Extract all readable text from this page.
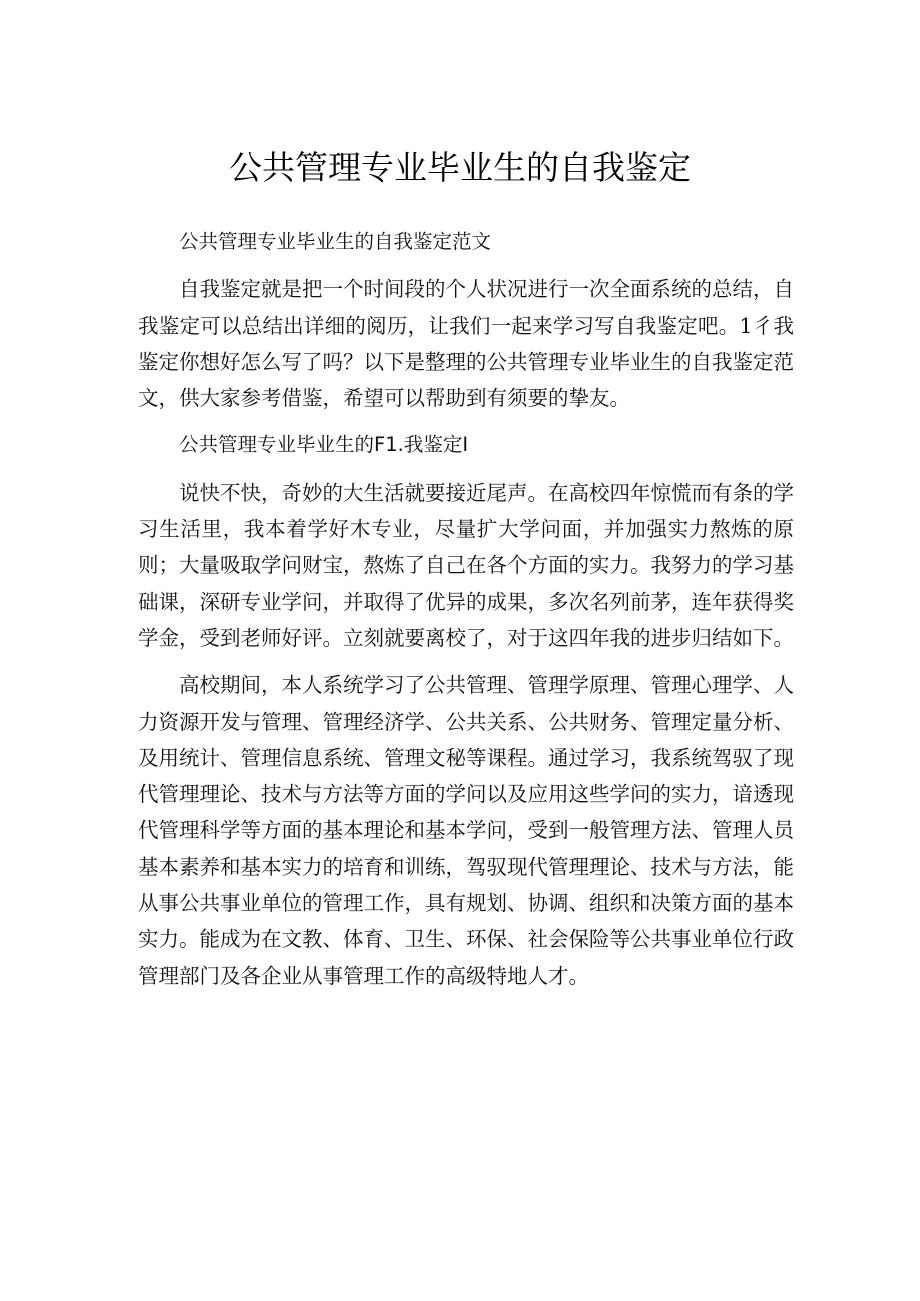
公共管理专业毕业生的自我鉴定

公共管理专业毕业生的自我鉴定范文

自我鉴定就是把一个时间段的个人状况进行一次全面系统的总结，自我鉴定可以总结出详细的阅历，让我们一起来学习写自我鉴定吧。1彳我鉴定你想好怎么写了吗？以下是整理的公共管理专业毕业生的自我鉴定范文，供大家参考借鉴，希望可以帮助到有须要的挚友。

公共管理专业毕业生的F1.我鉴定I

说快不快，奇妙的大生活就要接近尾声。在高校四年惊慌而有条的学习生活里，我本着学好木专业，尽量扩大学问面，并加强实力熬炼的原则；大量吸取学问财宝，熬炼了自己在各个方面的实力。我努力的学习基础课，深研专业学问，并取得了优异的成果，多次名列前茅，连年获得奖学金，受到老师好评。立刻就要离校了，对于这四年我的进步归结如下。

高校期间，本人系统学习了公共管理、管理学原理、管理心理学、人力资源开发与管理、管理经济学、公共关系、公共财务、管理定量分析、及用统计、管理信息系统、管理文秘等课程。通过学习，我系统驾驭了现代管理理论、技术与方法等方面的学问以及应用这些学问的实力，谙透现代管理科学等方面的基本理论和基本学问，受到一般管理方法、管理人员基本素养和基本实力的培育和训练，驾驭现代管理理论、技术与方法，能从事公共事业单位的管理工作，具有规划、协调、组织和决策方面的基本实力。能成为在文教、体育、卫生、环保、社会保险等公共事业单位行政管理部门及各企业从事管理工作的高级特地人才。
